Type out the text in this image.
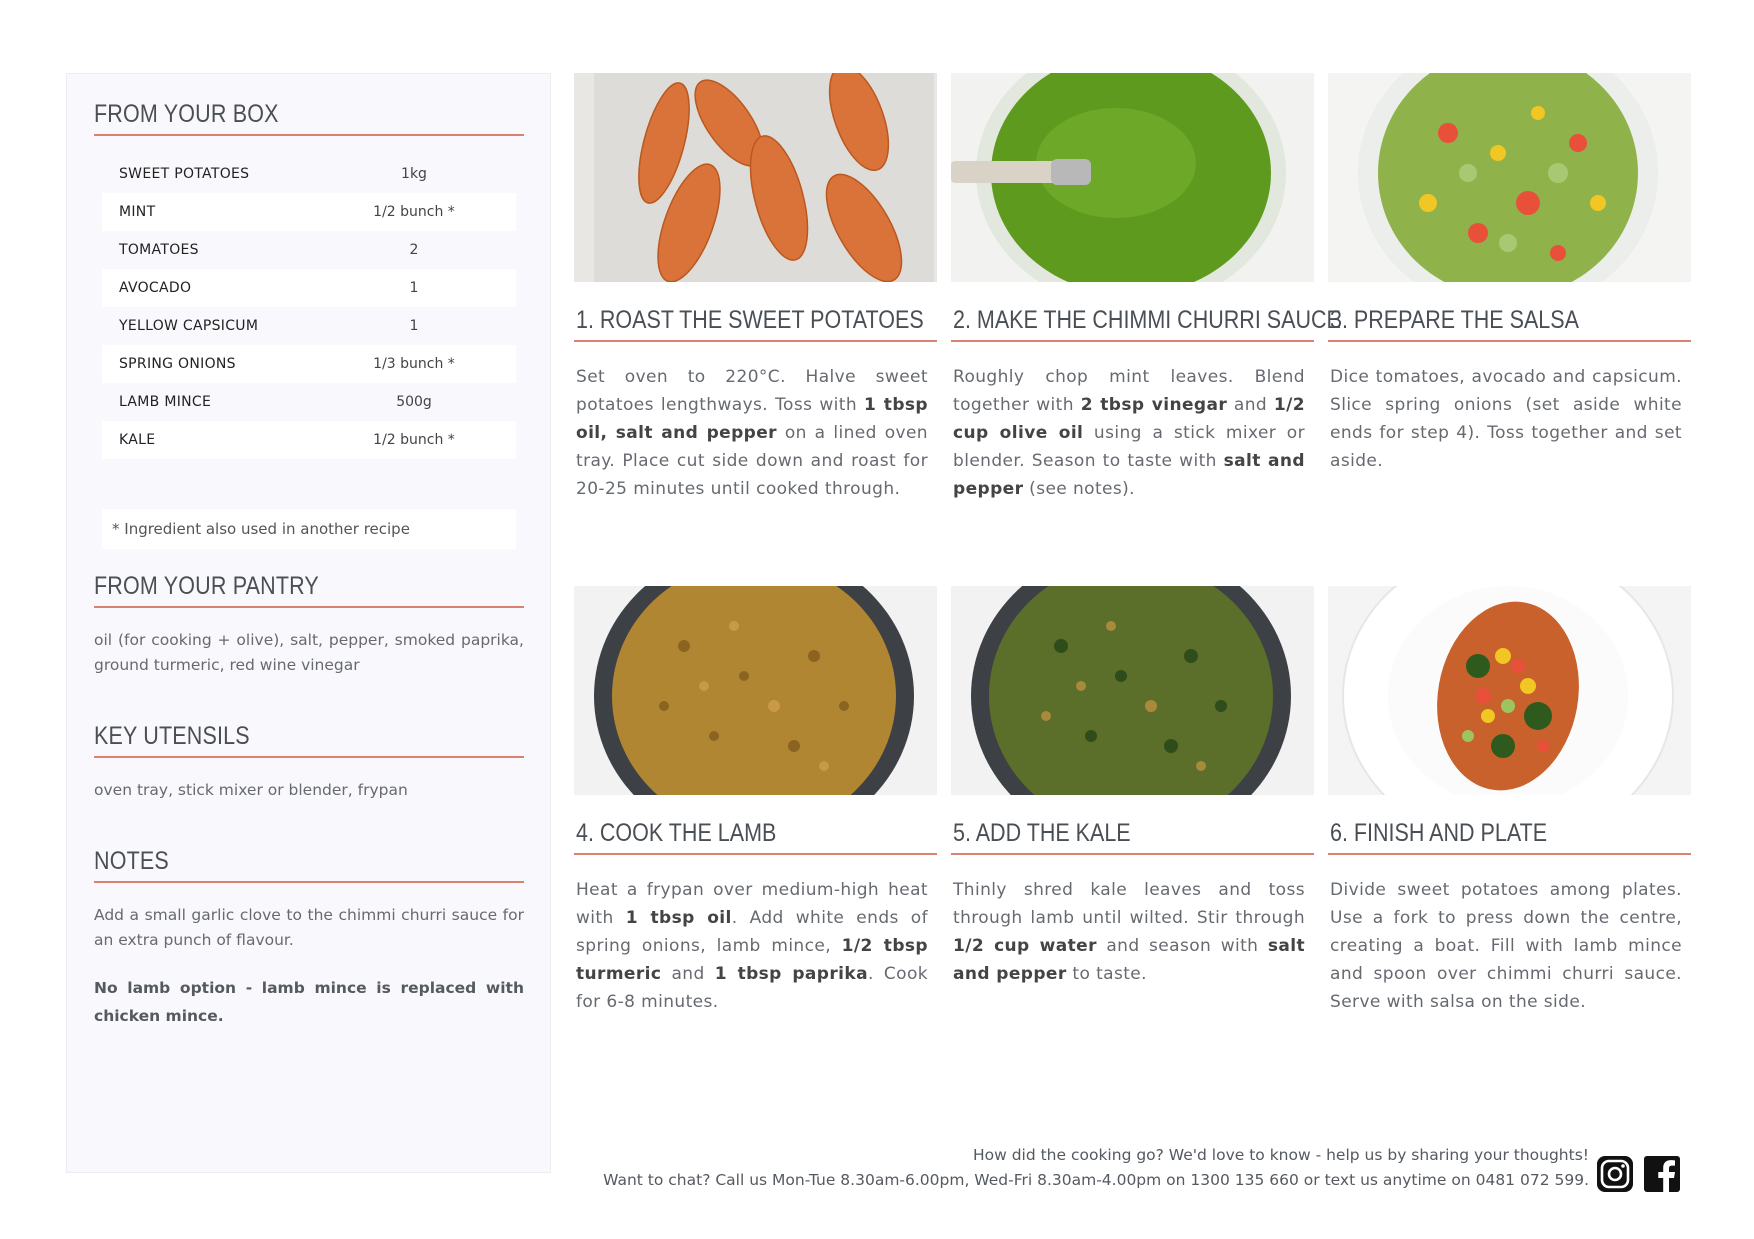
FROM YOUR BOX
SWEET POTATOES	1kg
MINT	1/2 bunch *
TOMATOES	2
AVOCADO	1
YELLOW CAPSICUM	1
SPRING ONIONS	1/3 bunch *
LAMB MINCE	500g
KALE	1/2 bunch *
* Ingredient also used in another recipe
FROM YOUR PANTRY
oil (for cooking + olive), salt, pepper, smoked paprika, ground turmeric, red wine vinegar
KEY UTENSILS
oven tray, stick mixer or blender, frypan
NOTES
Add a small garlic clove to the chimmi churri sauce for an extra punch of flavour.
No lamb option - lamb mince is replaced with chicken mince.
1. ROAST THE SWEET POTATOES
Set oven to 220°C. Halve sweet potatoes lengthways. Toss with 1 tbsp oil, salt and pepper on a lined oven tray. Place cut side down and roast for 20-25 minutes until cooked through.
2. MAKE THE CHIMMI CHURRI SAUCE
Roughly chop mint leaves. Blend together with 2 tbsp vinegar and 1/2 cup olive oil using a stick mixer or blender. Season to taste with salt and pepper (see notes).
3. PREPARE THE SALSA
Dice tomatoes, avocado and capsicum. Slice spring onions (set aside white ends for step 4). Toss together and set aside.
4. COOK THE LAMB
Heat a frypan over medium-high heat with 1 tbsp oil. Add white ends of spring onions, lamb mince, 1/2 tbsp turmeric and 1 tbsp paprika. Cook for 6-8 minutes.
5. ADD THE KALE
Thinly shred kale leaves and toss through lamb until wilted. Stir through 1/2 cup water and season with salt and pepper to taste.
6. FINISH AND PLATE
Divide sweet potatoes among plates. Use a fork to press down the centre, creating a boat. Fill with lamb mince and spoon over chimmi churri sauce. Serve with salsa on the side.
How did the cooking go? We'd love to know - help us by sharing your thoughts!
Want to chat? Call us Mon-Tue 8.30am-6.00pm, Wed-Fri 8.30am-4.00pm on 1300 135 660 or text us anytime on 0481 072 599.
